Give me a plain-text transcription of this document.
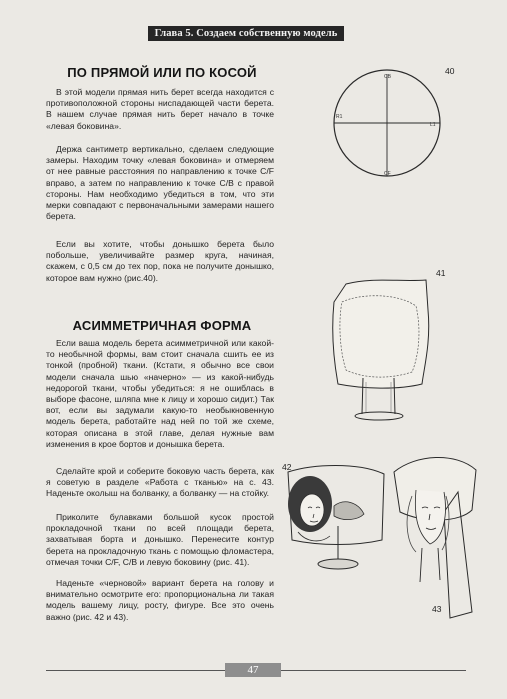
Глава 5. Создаем собственную модель
ПО ПРЯМОЙ ИЛИ ПО КОСОЙ
В этой модели прямая нить берет всегда находится с противоположной стороны ниспадающей части берета. В нашем случае прямая нить берет начало в точке «левая боковина».
Держа сантиметр вертикально, сделаем следующие замеры. Находим точку «левая боковина» и отмеряем от нее равные расстояния по направлению к точке C/F вправо, а затем по направлению к точке C/B с правой стороны. Нам необходимо убедиться в том, что эти мерки совпадают с первоначальными замерами нашего берета.
Если вы хотите, чтобы донышко берета было побольше, увеличивайте размер круга, начиная, скажем, с 0,5 см до тех пор, пока не получите донышко, которое вам нужно (рис.40).
АСИММЕТРИЧНАЯ ФОРМА
Если ваша модель берета асимметричной или какой-то необычной формы, вам стоит сначала сшить ее из тонкой (пробной) ткани. (Кстати, я обычно все свои модели сначала шью «начерно» — из какой-нибудь недорогой ткани, чтобы убедиться: я не ошиблась в выборе фасоне, шляпа мне к лицу и хорошо сидит.) Так вот, если вы задумали какую-то необыкновенную модель берета, работайте над ней по той же схеме, которая описана в этой главе, делая нужные вам изменения в крое бортов и донышка берета.
Сделайте крой и соберите боковую часть берета, как я советую в разделе «Работа с тканью» на с. 43. Наденьте околыш на болванку, а болванку — на стойку.
Приколите булавками большой кусок простой прокладочной ткани по всей площади берета, захватывая борта и донышко. Перенесите контур берета на прокладочную ткань с помощью фломастера, отмечая точки C/F, C/B и левую боковину (рис. 41).
Наденьте «черновой» вариант берета на голову и внимательно осмотрите его: пропорциональна ли такая модель вашему лицу, росту, фигуре. Все это очень важно (рис. 42 и 43).
CB
R1
L1
CF
40
41
42
43
47
